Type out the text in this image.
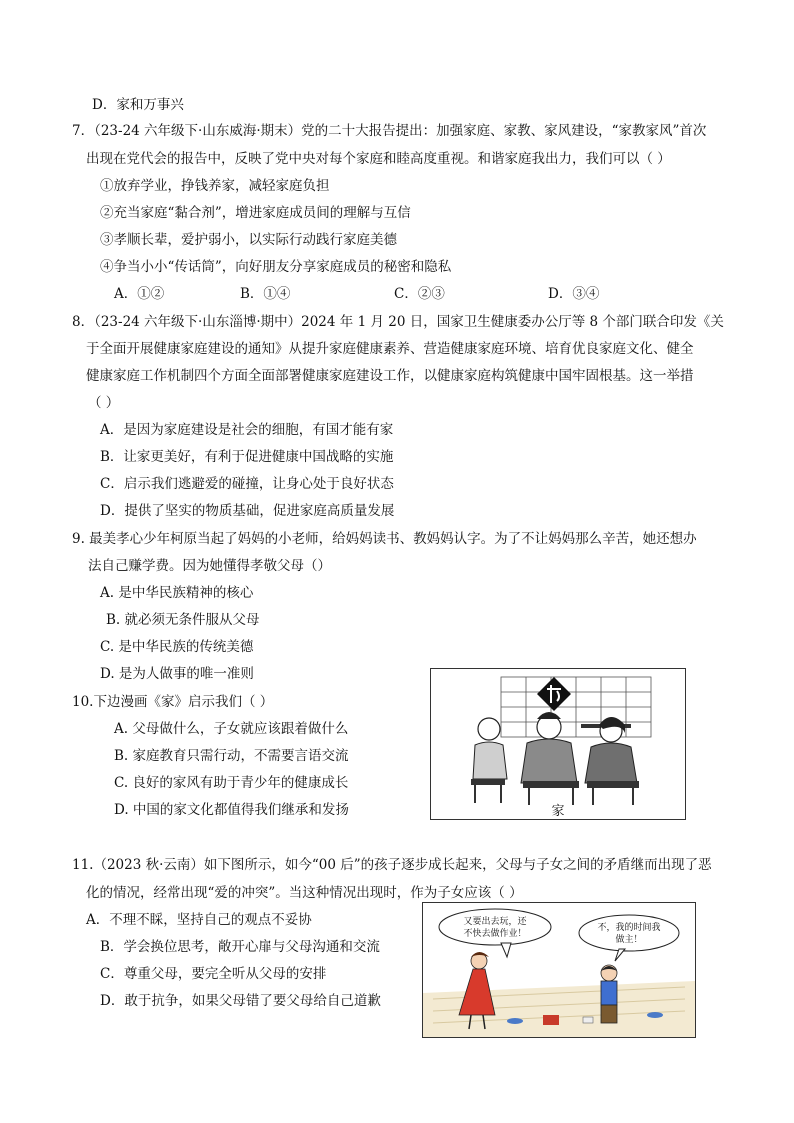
D．家和万事兴
7．（23-24 六年级下·山东威海·期末）党的二十大报告提出：加强家庭、家教、家风建设，“家教家风”首次
出现在党代会的报告中，反映了党中央对每个家庭和睦高度重视。和谐家庭我出力，我们可以（ ）
①放弃学业，挣钱养家，减轻家庭负担
②充当家庭“黏合剂”，增进家庭成员间的理解与互信
③孝顺长辈，爱护弱小，以实际行动践行家庭美德
④争当小小“传话筒”，向好朋友分享家庭成员的秘密和隐私
A．①②	B．①④	C．②③	D．③④
8．（23-24 六年级下·山东淄博·期中）2024 年 1 月 20 日，国家卫生健康委办公厅等 8 个部门联合印发《关
于全面开展健康家庭建设的通知》从提升家庭健康素养、营造健康家庭环境、培育优良家庭文化、健全
健康家庭工作机制四个方面全面部署健康家庭建设工作，以健康家庭构筑健康中国牢固根基。这一举措
（ ）
A．是因为家庭建设是社会的细胞，有国才能有家
B．让家更美好，有利于促进健康中国战略的实施
C．启示我们逃避爱的碰撞，让身心处于良好状态
D．提供了坚实的物质基础，促进家庭高质量发展
9. 最美孝心少年柯原当起了妈妈的小老师，给妈妈读书、教妈妈认字。为了不让妈妈那么辛苦，她还想办
法自己赚学费。因为她懂得孝敬父母（）
A. 是中华民族精神的核心
B. 就必须无条件服从父母
C. 是中华民族的传统美德
D. 是为人做事的唯一准则
10.下边漫画《家》启示我们（ ）
A. 父母做什么，子女就应该跟着做什么
B. 家庭教育只需行动，不需要言语交流
C. 良好的家风有助于青少年的健康成长
D. 中国的家文化都值得我们继承和发扬	家
11.（2023 秋·云南）如下图所示，如今“00 后”的孩子逐步成长起来，父母与子女之间的矛盾继而出现了恶
化的情况，经常出现“爱的冲突”。当这种情况出现时，作为子女应该（ ）
A．不理不睬，坚持自己的观点不妥协
B．学会换位思考，敞开心扉与父母沟通和交流
C．尊重父母，要完全听从父母的安排
D．敢于抗争，如果父母错了要父母给自己道歉
又要出去玩，还
不快去做作业！
不，我的时间我
做主！
